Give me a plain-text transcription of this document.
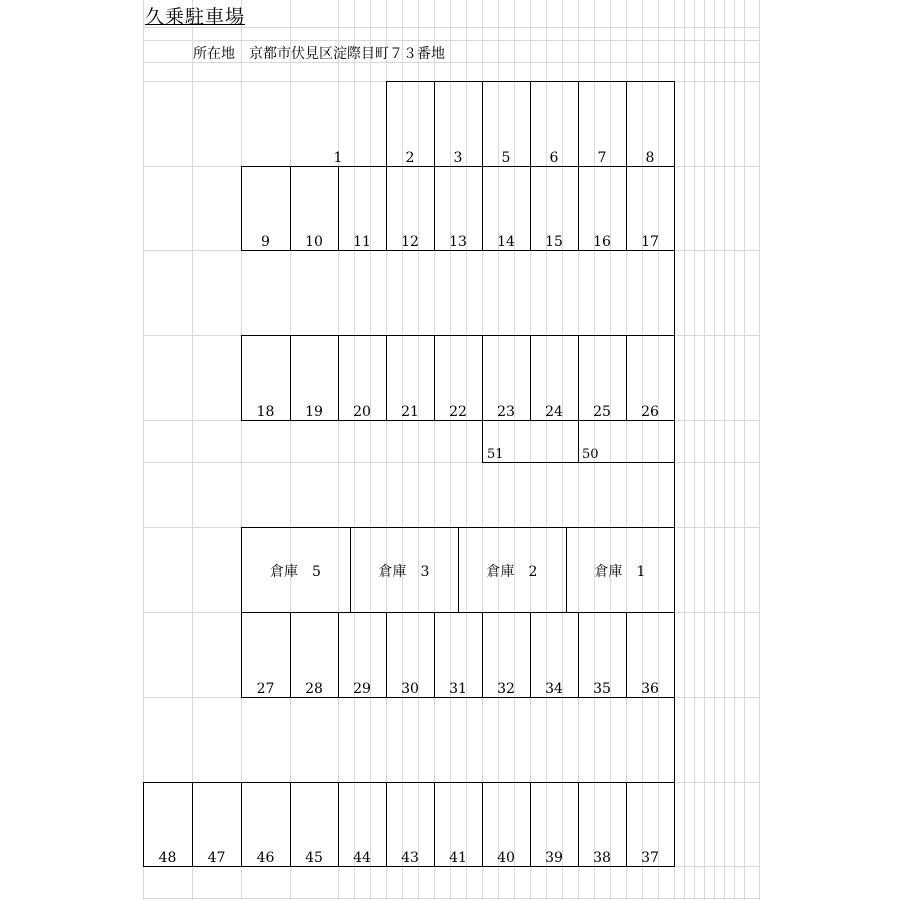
1	2	3	5	6	7	8
9	10 11 12 13 14 15 16 17
18 19 20 21 22 23 24 25 26
51	50
倉庫　5	倉庫　3	倉庫　2	倉庫　1
27 28 29 30 31 32 34 35 36
48 47 46 45 44 43 41 40 39 38 37
久乗駐車場
所在地　京都市伏見区淀際目町７３番地
